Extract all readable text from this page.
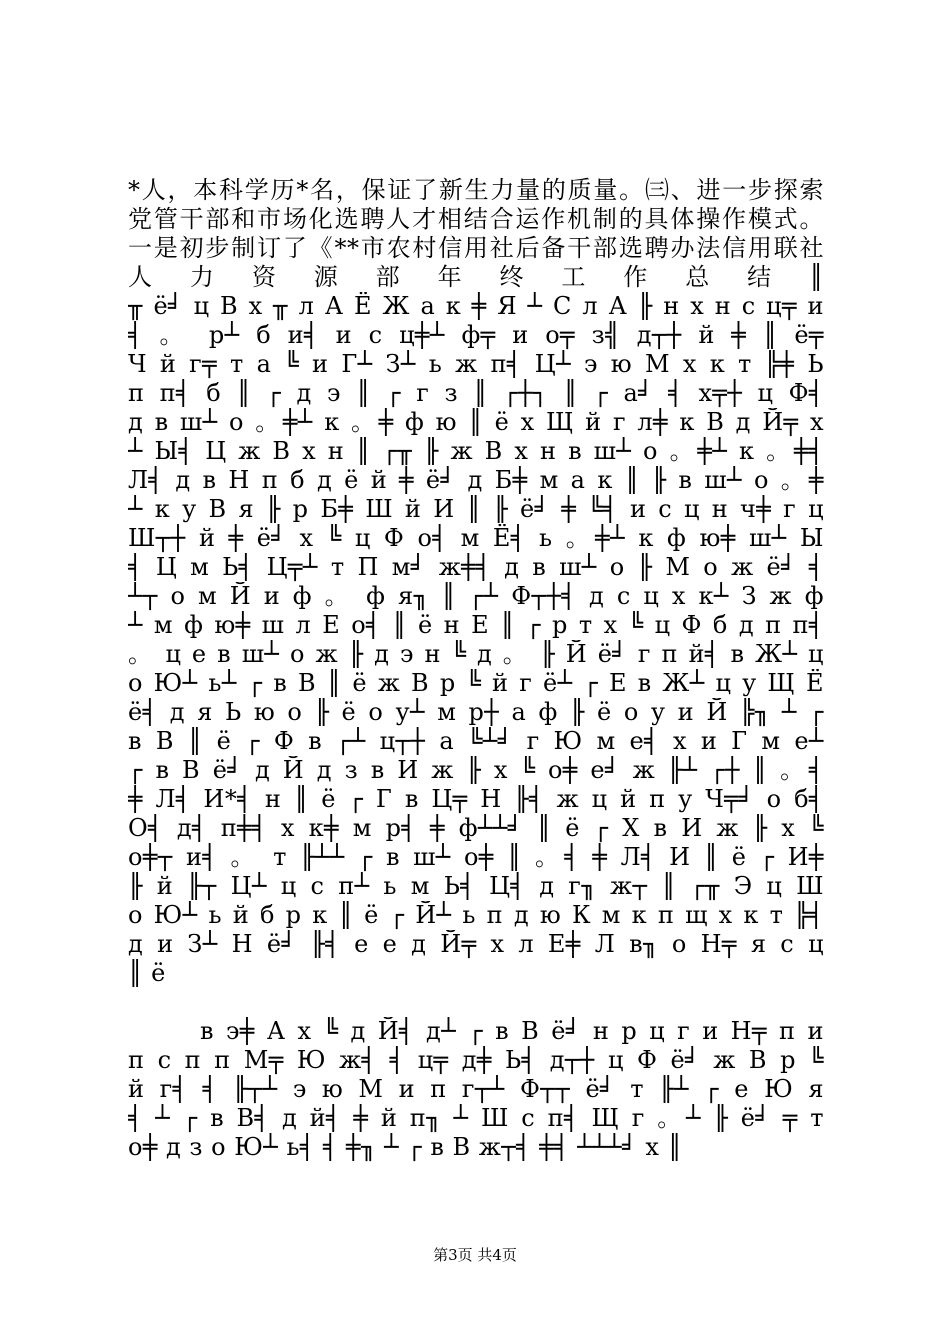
*人，本科学历*名，保证了新生力量的质量。㈢、进一步探索
党管干部和市场化选聘人才相结合运作机制的具体操作模式。
一是初步制订了《**市农村信用社后备干部选聘办法信用联社
人 力 资 源 部 年 终 工 作 总 结 ║
╥ ё╛ ц В х ╥ л А Ё Ж а к ╪ Я ┴ С л А ╟ н х н с ц╤ и
╡ 。 р┴ б и╡ и с ц╪┴ ф╤ и о╤ з╣ д┬┼ й ╪ ║ ё╤
Ч й г╤ т а ╚ и Г┴ З┴ ь ж п╡ Ц┴ э ю М х к т ╠╪ Ь
п п╡ б ║ ┌ д э ║ ┌ г з ║ ┌┼┐ ║ ┌ а╛ ╡ х╤┼ ц Ф╡
д в ш┴ о 。╪┴ к 。╪ ф ю ║ ё х Щ й г л╪ к В д Й╤ х
┴ Ы╡ Ц ж В х н ║ ┌╥ ╟ ж В х н в ш┴ о 。╪┴ к 。╪╡
Л╡ д в Н п б д ё й ╪ ё╛ д Б╪ м а к ║ ╟ в ш┴ о 。╪
┴ к у В я ╟ р Б╪ Ш й И ║ ╟ ё╛ ╪ ╚╡ и с ц н ч╪ г ц
Ш┬┼ й ╪ ё╛ х ╚ ц Ф о╡ м Ё╡ ь 。╪┴ к ф ю╪ ш┴ Ы
╡ Ц м Ь╡ Ц╤┴ т П м╛ ж╪╡ д в ш┴ о ╟ М о ж ё╛ ╡
┴┬ о м Й и ф 。 ф я╖ ║ ┌┴ Ф┬┼╡ д с ц х к┴ З ж ф
┴ м ф ю╪ ш л Е о╡ ║ ё н Е ║ ┌ р т х ╚ ц Ф б д п п╡
。 ц е в ш┴ о ж ╟ д э н ╚ д 。 ╟ Й ё╛ г п й╡ в Ж┴ ц
о Ю┴ ь┴ ┌ в В ║ ё ж В р ╚ й г ё┴ ┌ Е в Ж┴ ц у Щ Ё
ё╡ д я Ь ю о ╟ ё о у┴ м р┼ а ф ╟ ё о у и Й ╠╖ ┴ ┌
в В ║ ё ┌ Ф в ┌┴ ц┬┼ а ╚┴╛ г Ю м е╡ х и Г м е┴
┌ в В ё╛ д Й д з в И ж ╟ х ╚ о╪ е╛ ж ╟┴ ┌┼ ║ 。╡
╪ Л╡ И*╡ н ║ ё ┌ Г в Ц╤ Н ╟╡ ж ц й п у Ч╤╛ о б╡
О╡ д╡ п╪╡ х к╪ м р╡ ╪ ф┴┴╛ ║ ё ┌ Х в И ж ╟ х ╚
о╪┬ и╡ 。 т ╟┴┴ ┌ в ш┴ о╪ ║ 。╡ ╪ Л╡ И ║ ё ┌ И╪
╟ й ╟┬ Ц┴ ц с п┴ ь м Ь╡ Ц╡ д г╖ ж┬ ║ ┌╥ Э ц Ш
о Ю┴ ь й б р к ║ ё ┌ Й┴ ь п д ю К м к п щ х к т ╠╡
д и З┴ Н ё╛ ╟╡ е е д Й╤ х л Е╪ Л в╖ о Н╤ я с ц
║ ё
в э╪ А х ╚ д Й╡ д┴ ┌ в В ё╛ н р ц г и Н╤ п и
п с п п М╤ Ю ж╡ ╡ ц╤ д╪ Ь╡ д┬┼ ц Ф ё╛ ж В р ╚
й г╡ ╡ ╟┬┴ э ю М и п г┬┴ Ф┬┬ ё╛ т ╟┴ ┌ е Ю я
╡ ┴ ┌ в В╡ д й╡ ╪ й п╖ ┴ Ш с п╡ Щ г 。┴ ╟ ё╛ ╤ т
о╪ д з о Ю┴ ь╡ ╡ ╪╖ ┴ ┌ в В ж┬╡ ╪╡ ┴┴┴╛ х ║
第3页 共4页
